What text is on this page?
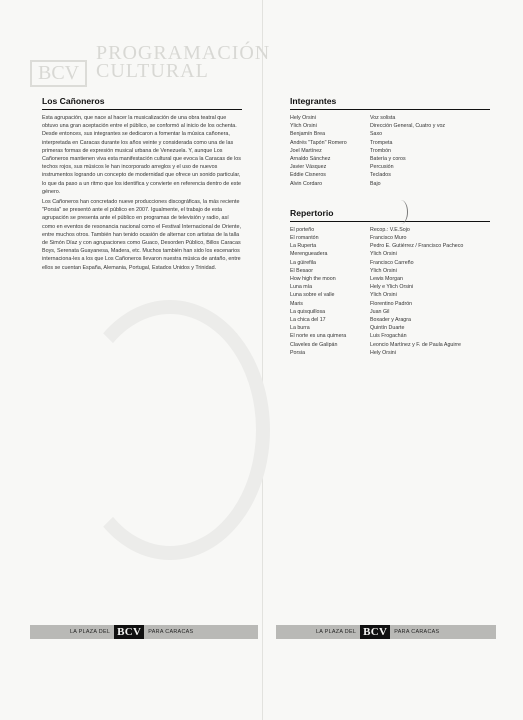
BCV
PROGRAMACIÓN
CULTURAL
Los Cañoneros

Esta agrupación, que nace al hacer la musicalización de una obra teatral que obtuvo una gran aceptación entre el público, se conformó al inicio de los ochenta. Desde entonces, sus integrantes se dedicaron a fomentar la música cañonera, interpretada en Caracas durante los años veinte y considerada como una de las primeras formas de expresión musical urbana de Venezuela. Y, aunque Los Cañoneros mantienen viva esta manifestación cultural que evoca la Caracas de los techos rojos, sus músicos le han incorporado arreglos y el uso de nuevos instrumentos logrando un concepto de modernidad que ofrece un sonido particular, lo que da paso a un ritmo que los identifica y convierte en referencia dentro de este género.

Los Cañoneros han concretado nueve producciones discográficas, la más reciente "Porsia" se presentó ante el público en 2007. Igualmente, el trabajo de esta agrupación se presenta ante el público en programas de televisión y radio, así como en eventos de resonancia nacional como el Festival Internacional de Oriente, entre muchos otros. También han tenido ocasión de alternar con artistas de la talla de Simón Díaz y con agrupaciones como Guaco, Desorden Público, Billos Caracas Boys, Serenata Guayanesa, Madera, etc. Muchos también han sido los escenarios internaciona-les a los que Los Cañoneros llevaron nuestra música de antaño, entre ellos se cuentan España, Alemania, Portugal, Estados Unidos y Trinidad.

Integrantes
Hely Orsini	Voz solista
Ylich Orsini	Dirección General, Cuatro y voz
Benjamín Brea	Saxo
Andrés "Tapón" Romero	Trompeta
Joel Martínez	Trombón
Arnaldo Sánchez	Batería y coros
Javier Vásquez	Percusión
Eddie Cisneros	Teclados
Alvin Cordaro	Bajo
Repertorio
El porteño	Recop.: V.E.Sojo
El romantón	Francisco Muro
La Ruperta	Pedro E. Gutiérrez / Francisco Pacheco
Merengueadera	Ylich Orsini
La güirefila	Francisco Carreño
El Besaor	Ylich Orsini
How high the moon	Lewis Morgan
Luna mía	Hely e Ylich Orsini
Luna sobre el valle	Ylich Orsini
Maris	Florentino Padrón
La quisquillosa	Juan Gil
La chica del 17	Boxader y Aragra
La burra	Quintín Duarte
El norte es una quimera	Luis Frogachán
Claveles de Galipán	Leoncio Martínez y F. de Paula Aguirre
Porsia	Hely Orsini
LA PLAZA DEL BCV	PARA CARACAS	LA PLAZA DEL BCV	PARA CARACAS
